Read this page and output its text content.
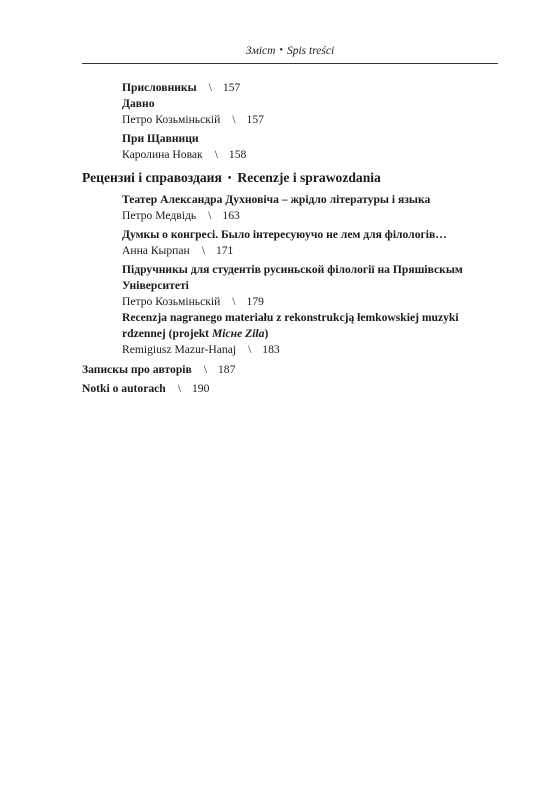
Зміст • Spis treści
Присловникы \ 157
Давно
Петро Козьміньскій \ 157
При Щавници
Каролина Новак \ 158
Рецензиі і справоздаия • Recenzje i sprawozdania
Театер Александра Духновіча – жрідло літературы і языка
Петро Медвідь \ 163
Думкы о конгресі. Было інтересуюучо не лем для філологів…
Анна Кырпан \ 171
Підручникы для студентів русиньской філології на Пряшівскым
Університеті
Петро Козьміньскій \ 179
Recenzja nagranego materiału z rekonstrukcją łemkowskiej muzyki
rdzennej (projekt Місне Zila)
Remigiusz Mazur-Hanaj \ 183
Запискы про авторів \ 187
Notki o autorach \ 190
